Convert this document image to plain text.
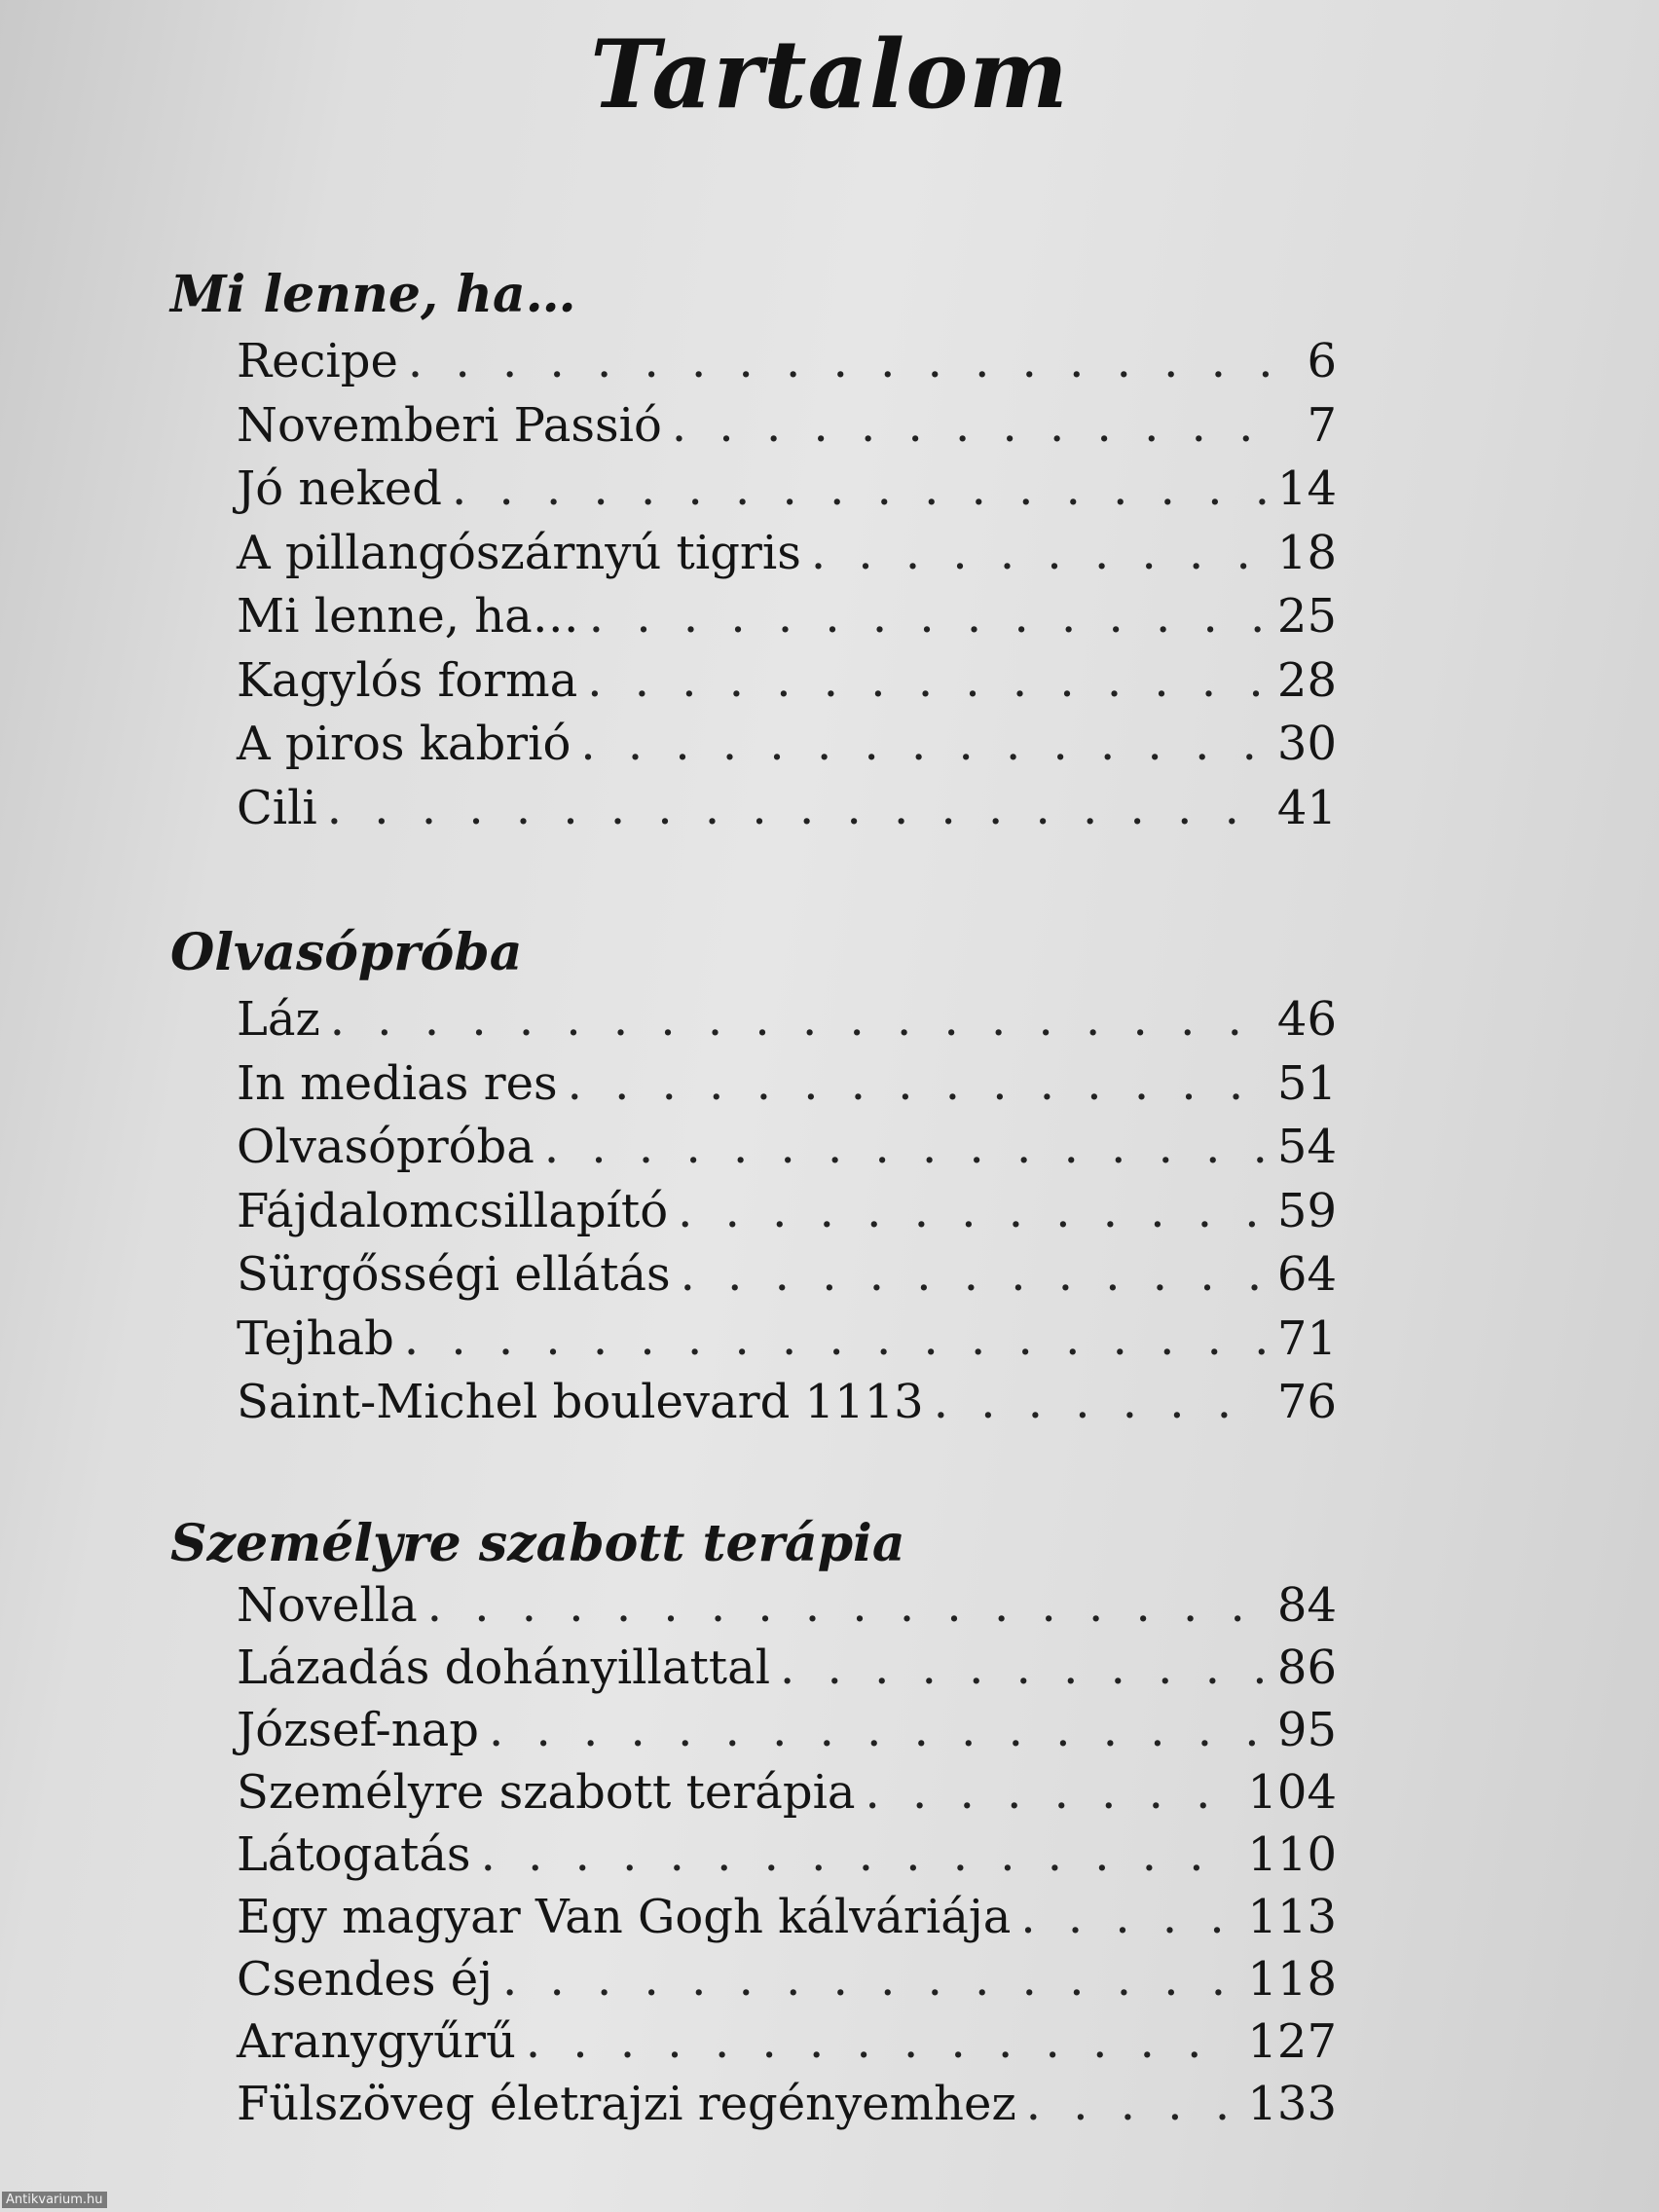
Tartalom
Mi lenne, ha…
Recipe . . .	6
Novemberi Passió . . .	7
Jó neked . . .	14
A pillangószárnyú tigris . . .	18
Mi lenne, ha… . . .	25
Kagylós forma . . .	28
A piros kabrió . . .	30
Cili . . .	41
Olvasópróba
Láz . . .	46
In medias res . . .	51
Olvasópróba . . .	54
Fájdalomcsillapító . . .	59
Sürgősségi ellátás . . .	64
Tejhab . . .	71
Saint-Michel boulevard 1113 . . .	76
Személyre szabott terápia
Novella . . .	84
Lázadás dohányillattal . . .	86
József-nap . . .	95
Személyre szabott terápia . . .	104
Látogatás . . .	110
Egy magyar Van Gogh kálváriája . . .	113
Csendes éj . . .	118
Aranygyűrű . . .	127
Fülszöveg életrajzi regényemhez . . .	133
Antikvarium.hu
